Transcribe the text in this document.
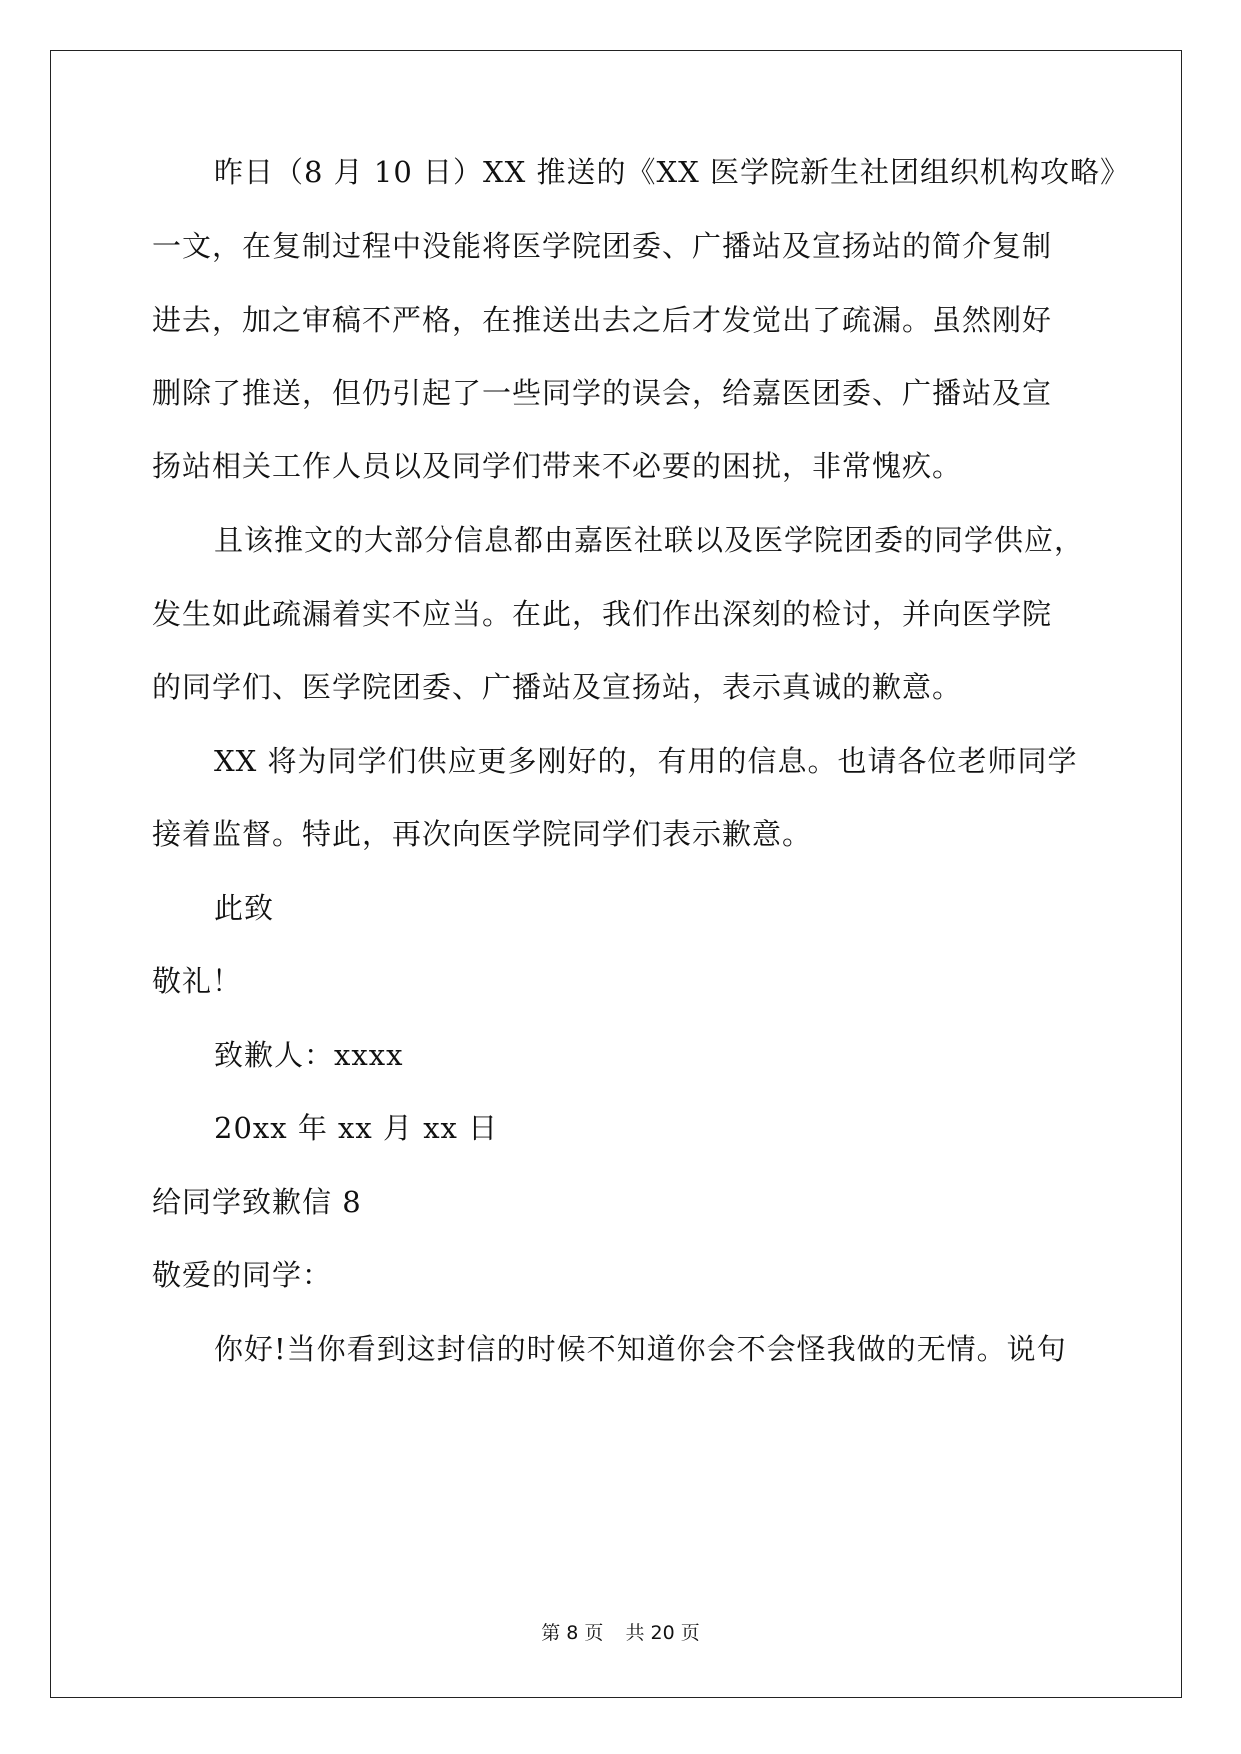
昨日（8 月 10 日）XX 推送的《XX 医学院新生社团组织机构攻略》
一文，在复制过程中没能将医学院团委、广播站及宣扬站的简介复制
进去，加之审稿不严格，在推送出去之后才发觉出了疏漏。虽然刚好
删除了推送，但仍引起了一些同学的误会，给嘉医团委、广播站及宣
扬站相关工作人员以及同学们带来不必要的困扰，非常愧疚。
且该推文的大部分信息都由嘉医社联以及医学院团委的同学供应，
发生如此疏漏着实不应当。在此，我们作出深刻的检讨，并向医学院
的同学们、医学院团委、广播站及宣扬站，表示真诚的歉意。
XX 将为同学们供应更多刚好的，有用的信息。也请各位老师同学
接着监督。特此，再次向医学院同学们表示歉意。
此致
敬礼！
致歉人：xxxx
20xx 年 xx 月 xx 日
给同学致歉信 8
敬爱的同学：
你好!当你看到这封信的时候不知道你会不会怪我做的无情。说句
第 8 页 共 20 页
